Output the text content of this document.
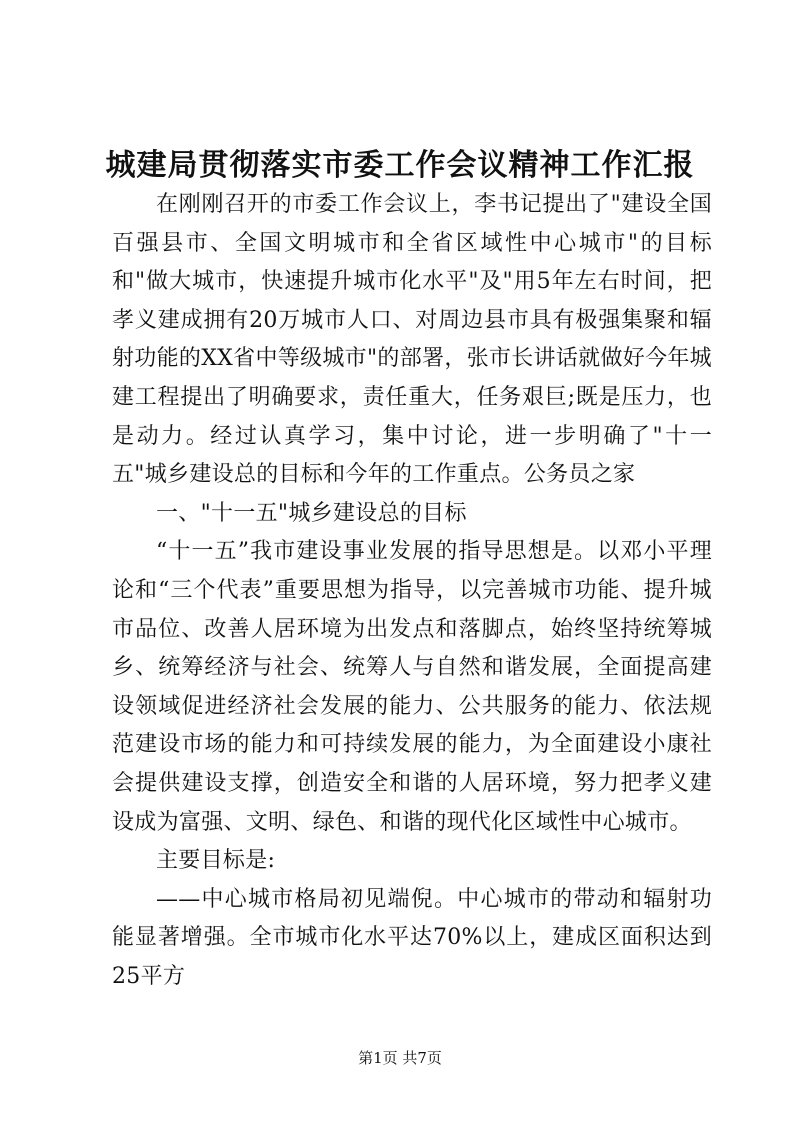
城建局贯彻落实市委工作会议精神工作汇报

在刚刚召开的市委工作会议上，李书记提出了"建设全国百强县市、全国文明城市和全省区域性中心城市"的目标和"做大城市，快速提升城市化水平"及"用5年左右时间，把孝义建成拥有20万城市人口、对周边县市具有极强集聚和辐射功能的XX省中等级城市"的部署，张市长讲话就做好今年城建工程提出了明确要求，责任重大，任务艰巨;既是压力，也是动力。经过认真学习，集中讨论，进一步明确了"十一五"城乡建设总的目标和今年的工作重点。公务员之家

一、"十一五"城乡建设总的目标

“十一五”我市建设事业发展的指导思想是。以邓小平理论和“三个代表”重要思想为指导，以完善城市功能、提升城市品位、改善人居环境为出发点和落脚点，始终坚持统筹城乡、统筹经济与社会、统筹人与自然和谐发展，全面提高建设领域促进经济社会发展的能力、公共服务的能力、依法规范建设市场的能力和可持续发展的能力，为全面建设小康社会提供建设支撑，创造安全和谐的人居环境，努力把孝义建设成为富强、文明、绿色、和谐的现代化区域性中心城市。

主要目标是:

——中心城市格局初见端倪。中心城市的带动和辐射功能显著增强。全市城市化水平达70%以上，建成区面积达到25平方

第1页 共7页
